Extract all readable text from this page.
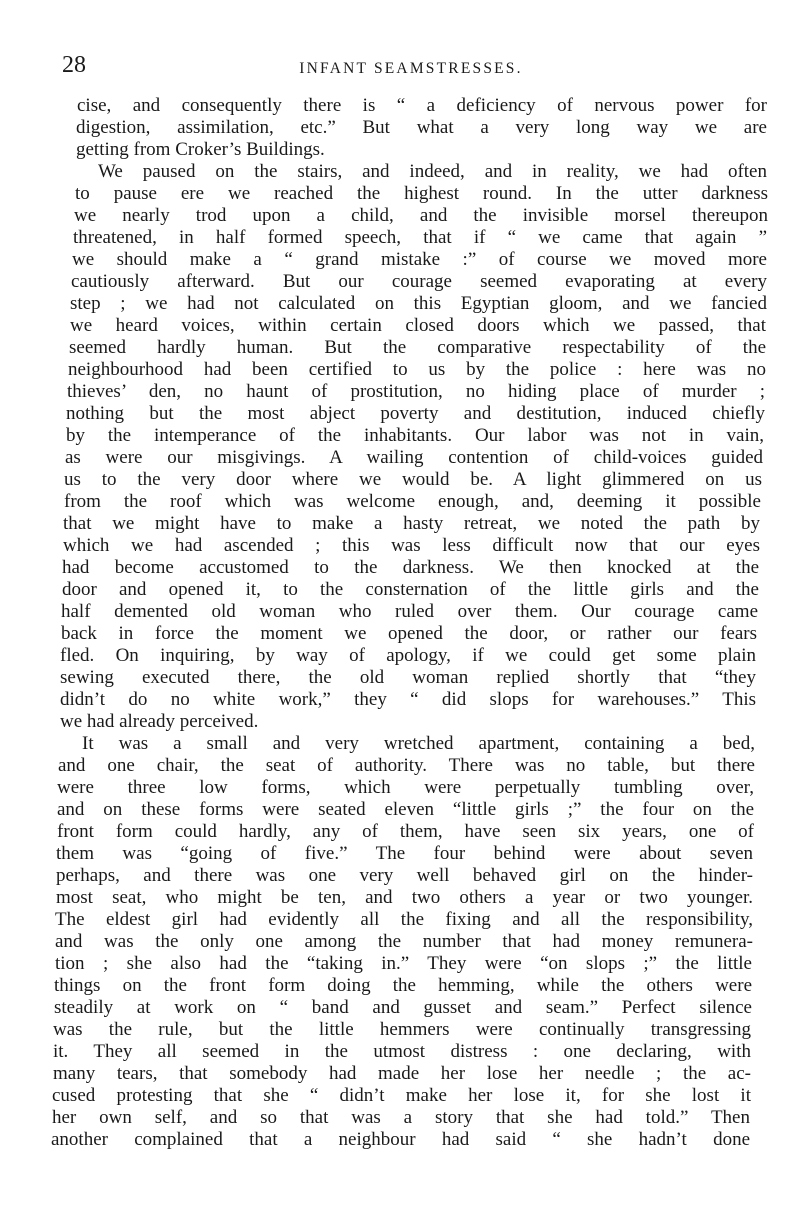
28	INFANT SEAMSTRESSES.
cise, and consequently there is “ a deficiency of nervous power for
digestion, assimilation, etc.” But what a very long way we are
getting from Croker’s Buildings.
We paused on the stairs, and indeed, and in reality, we had often
to pause ere we reached the highest round. In the utter darkness
we nearly trod upon a child, and the invisible morsel thereupon
threatened, in half formed speech, that if “ we came that again ”
we should make a “ grand mistake :” of course we moved more
cautiously afterward. But our courage seemed evaporating at every
step ; we had not calculated on this Egyptian gloom, and we fancied
we heard voices, within certain closed doors which we passed, that
seemed hardly human. But the comparative respectability of the
neighbourhood had been certified to us by the police : here was no
thieves’ den, no haunt of prostitution, no hiding place of murder ;
nothing but the most abject poverty and destitution, induced chiefly
by the intemperance of the inhabitants. Our labor was not in vain,
as were our misgivings. A wailing contention of child-voices guided
us to the very door where we would be. A light glimmered on us
from the roof which was welcome enough, and, deeming it possible
that we might have to make a hasty retreat, we noted the path by
which we had ascended ; this was less difficult now that our eyes
had become accustomed to the darkness. We then knocked at the
door and opened it, to the consternation of the little girls and the
half demented old woman who ruled over them. Our courage came
back in force the moment we opened the door, or rather our fears
fled. On inquiring, by way of apology, if we could get some plain
sewing executed there, the old woman replied shortly that “they
didn’t do no white work,” they “ did slops for warehouses.” This
we had already perceived.
It was a small and very wretched apartment, containing a bed,
and one chair, the seat of authority. There was no table, but there
were three low forms, which were perpetually tumbling over,
and on these forms were seated eleven “little girls ;” the four on the
front form could hardly, any of them, have seen six years, one of
them was “going of five.” The four behind were about seven
perhaps, and there was one very well behaved girl on the hinder-
most seat, who might be ten, and two others a year or two younger.
The eldest girl had evidently all the fixing and all the responsibility,
and was the only one among the number that had money remunera-
tion ; she also had the “taking in.” They were “on slops ;” the little
things on the front form doing the hemming, while the others were
steadily at work on “ band and gusset and seam.” Perfect silence
was the rule, but the little hemmers were continually transgressing
it. They all seemed in the utmost distress : one declaring, with
many tears, that somebody had made her lose her needle ; the ac-
cused protesting that she “ didn’t make her lose it, for she lost it
her own self, and so that was a story that she had told.” Then
another complained that a neighbour had said “ she hadn’t done
